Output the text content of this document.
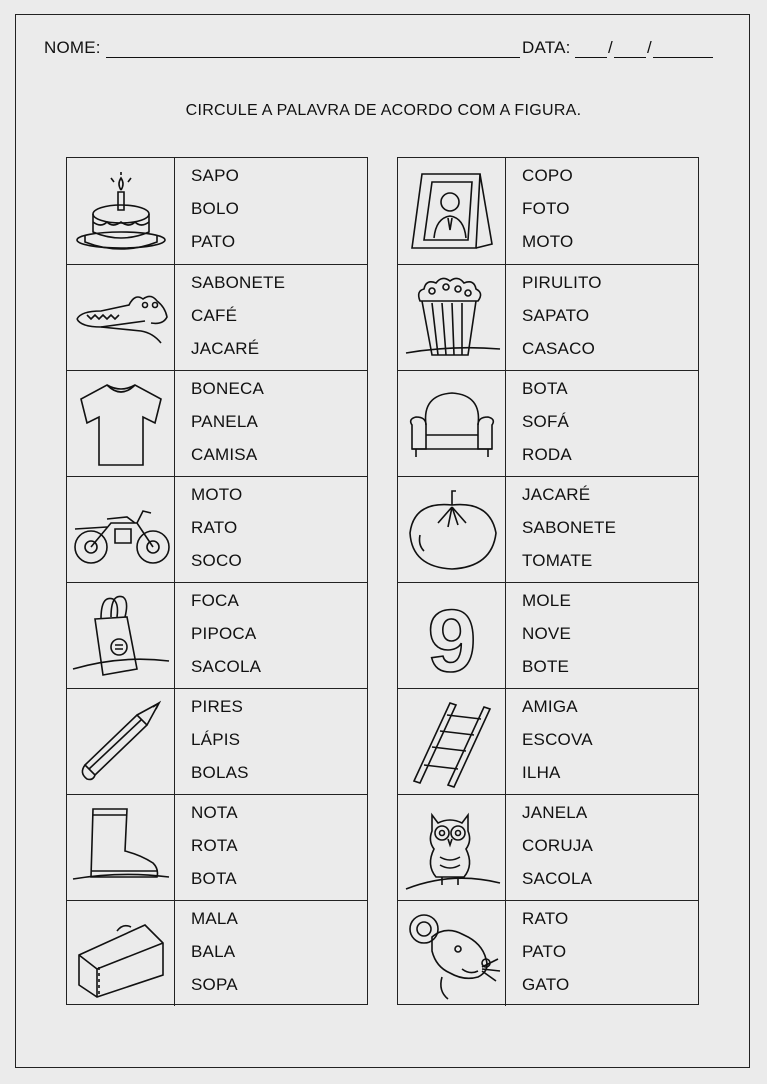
NOME:	DATA: / /
CIRCULE A PALAVRA DE ACORDO COM A FIGURA.
SAPO
BOLO
PATO
SABONETE
CAFÉ
JACARÉ
BONECA
PANELA
CAMISA
MOTO
RATO
SOCO
FOCA
PIPOCA
SACOLA
PIRES
LÁPIS
BOLAS
NOTA
ROTA
BOTA
MALA
BALA
SOPA
COPO
FOTO
MOTO
PIRULITO
SAPATO
CASACO
BOTA
SOFÁ
RODA
JACARÉ
SABONETE
TOMATE
9	MOLE
NOVE
BOTE
AMIGA
ESCOVA
ILHA
JANELA
CORUJA
SACOLA
RATO
PATO
GATO
